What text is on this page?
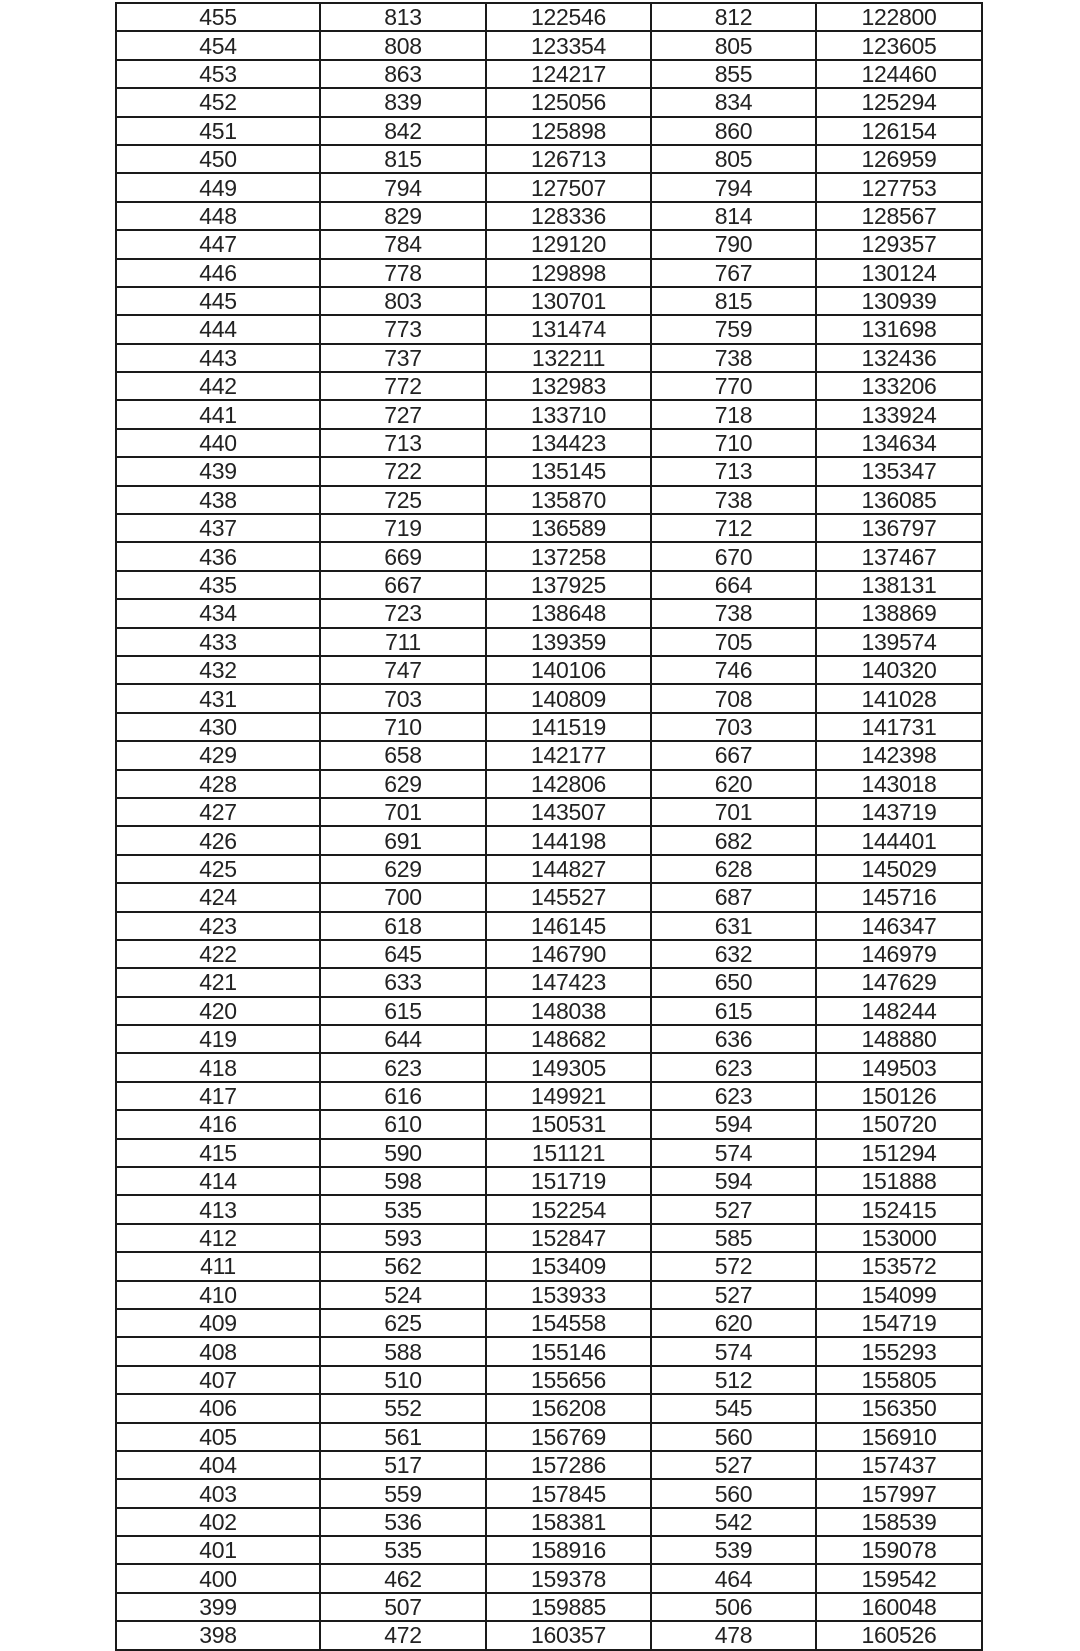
455	813	122546	812	122800
454	808	123354	805	123605
453	863	124217	855	124460
452	839	125056	834	125294
451	842	125898	860	126154
450	815	126713	805	126959
449	794	127507	794	127753
448	829	128336	814	128567
447	784	129120	790	129357
446	778	129898	767	130124
445	803	130701	815	130939
444	773	131474	759	131698
443	737	132211	738	132436
442	772	132983	770	133206
441	727	133710	718	133924
440	713	134423	710	134634
439	722	135145	713	135347
438	725	135870	738	136085
437	719	136589	712	136797
436	669	137258	670	137467
435	667	137925	664	138131
434	723	138648	738	138869
433	711	139359	705	139574
432	747	140106	746	140320
431	703	140809	708	141028
430	710	141519	703	141731
429	658	142177	667	142398
428	629	142806	620	143018
427	701	143507	701	143719
426	691	144198	682	144401
425	629	144827	628	145029
424	700	145527	687	145716
423	618	146145	631	146347
422	645	146790	632	146979
421	633	147423	650	147629
420	615	148038	615	148244
419	644	148682	636	148880
418	623	149305	623	149503
417	616	149921	623	150126
416	610	150531	594	150720
415	590	151121	574	151294
414	598	151719	594	151888
413	535	152254	527	152415
412	593	152847	585	153000
411	562	153409	572	153572
410	524	153933	527	154099
409	625	154558	620	154719
408	588	155146	574	155293
407	510	155656	512	155805
406	552	156208	545	156350
405	561	156769	560	156910
404	517	157286	527	157437
403	559	157845	560	157997
402	536	158381	542	158539
401	535	158916	539	159078
400	462	159378	464	159542
399	507	159885	506	160048
398	472	160357	478	160526
